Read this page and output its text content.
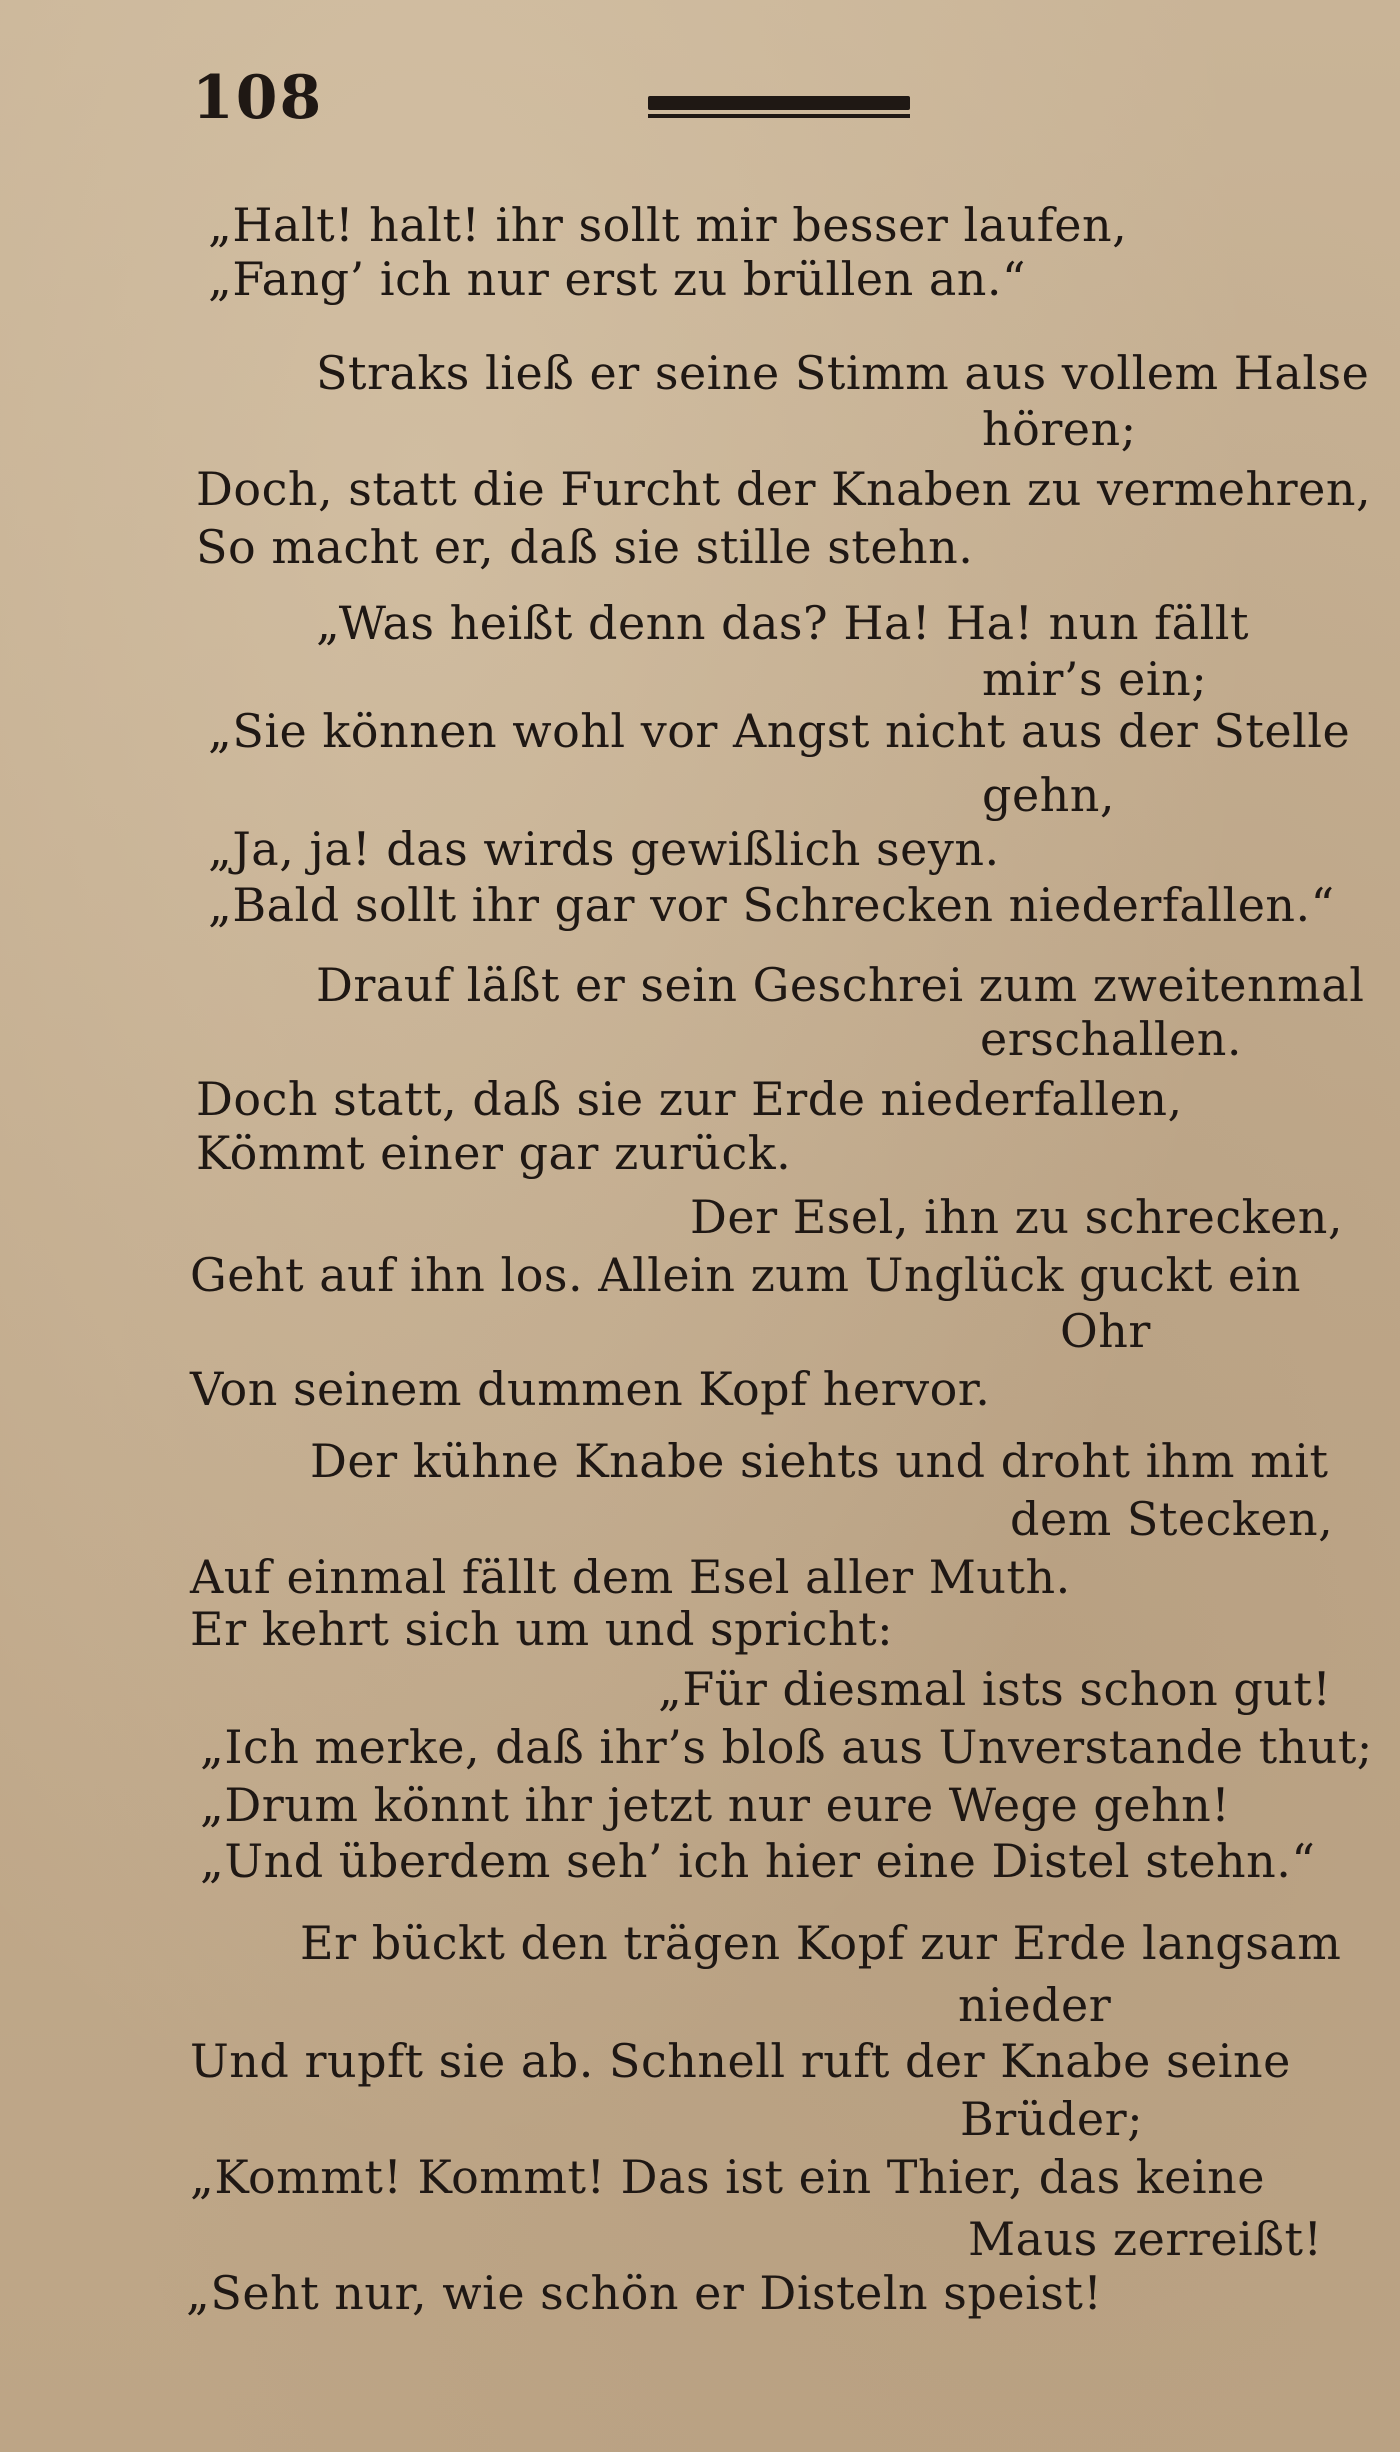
108
„Halt! halt! ihr sollt mir besser laufen,
„Fang’ ich nur erst zu brüllen an.“
Straks ließ er seine Stimm aus vollem Halse
hören;
Doch, statt die Furcht der Knaben zu vermehren,
So macht er, daß sie stille stehn.
„Was heißt denn das? Ha! Ha! nun fällt
mir’s ein;
„Sie können wohl vor Angst nicht aus der Stelle
gehn,
„Ja, ja! das wirds gewißlich seyn.
„Bald sollt ihr gar vor Schrecken niederfallen.“
Drauf läßt er sein Geschrei zum zweitenmal
erschallen.
Doch statt, daß sie zur Erde niederfallen,
Kömmt einer gar zurück.
Der Esel, ihn zu schrecken,
Geht auf ihn los. Allein zum Unglück guckt ein
Ohr
Von seinem dummen Kopf hervor.
Der kühne Knabe siehts und droht ihm mit
dem Stecken,
Auf einmal fällt dem Esel aller Muth.
Er kehrt sich um und spricht:
„Für diesmal ists schon gut!
„Ich merke, daß ihr’s bloß aus Unverstande thut;
„Drum könnt ihr jetzt nur eure Wege gehn!
„Und überdem seh’ ich hier eine Distel stehn.“
Er bückt den trägen Kopf zur Erde langsam
nieder
Und rupft sie ab. Schnell ruft der Knabe seine
Brüder;
„Kommt! Kommt! Das ist ein Thier, das keine
Maus zerreißt!
„Seht nur, wie schön er Disteln speist!
